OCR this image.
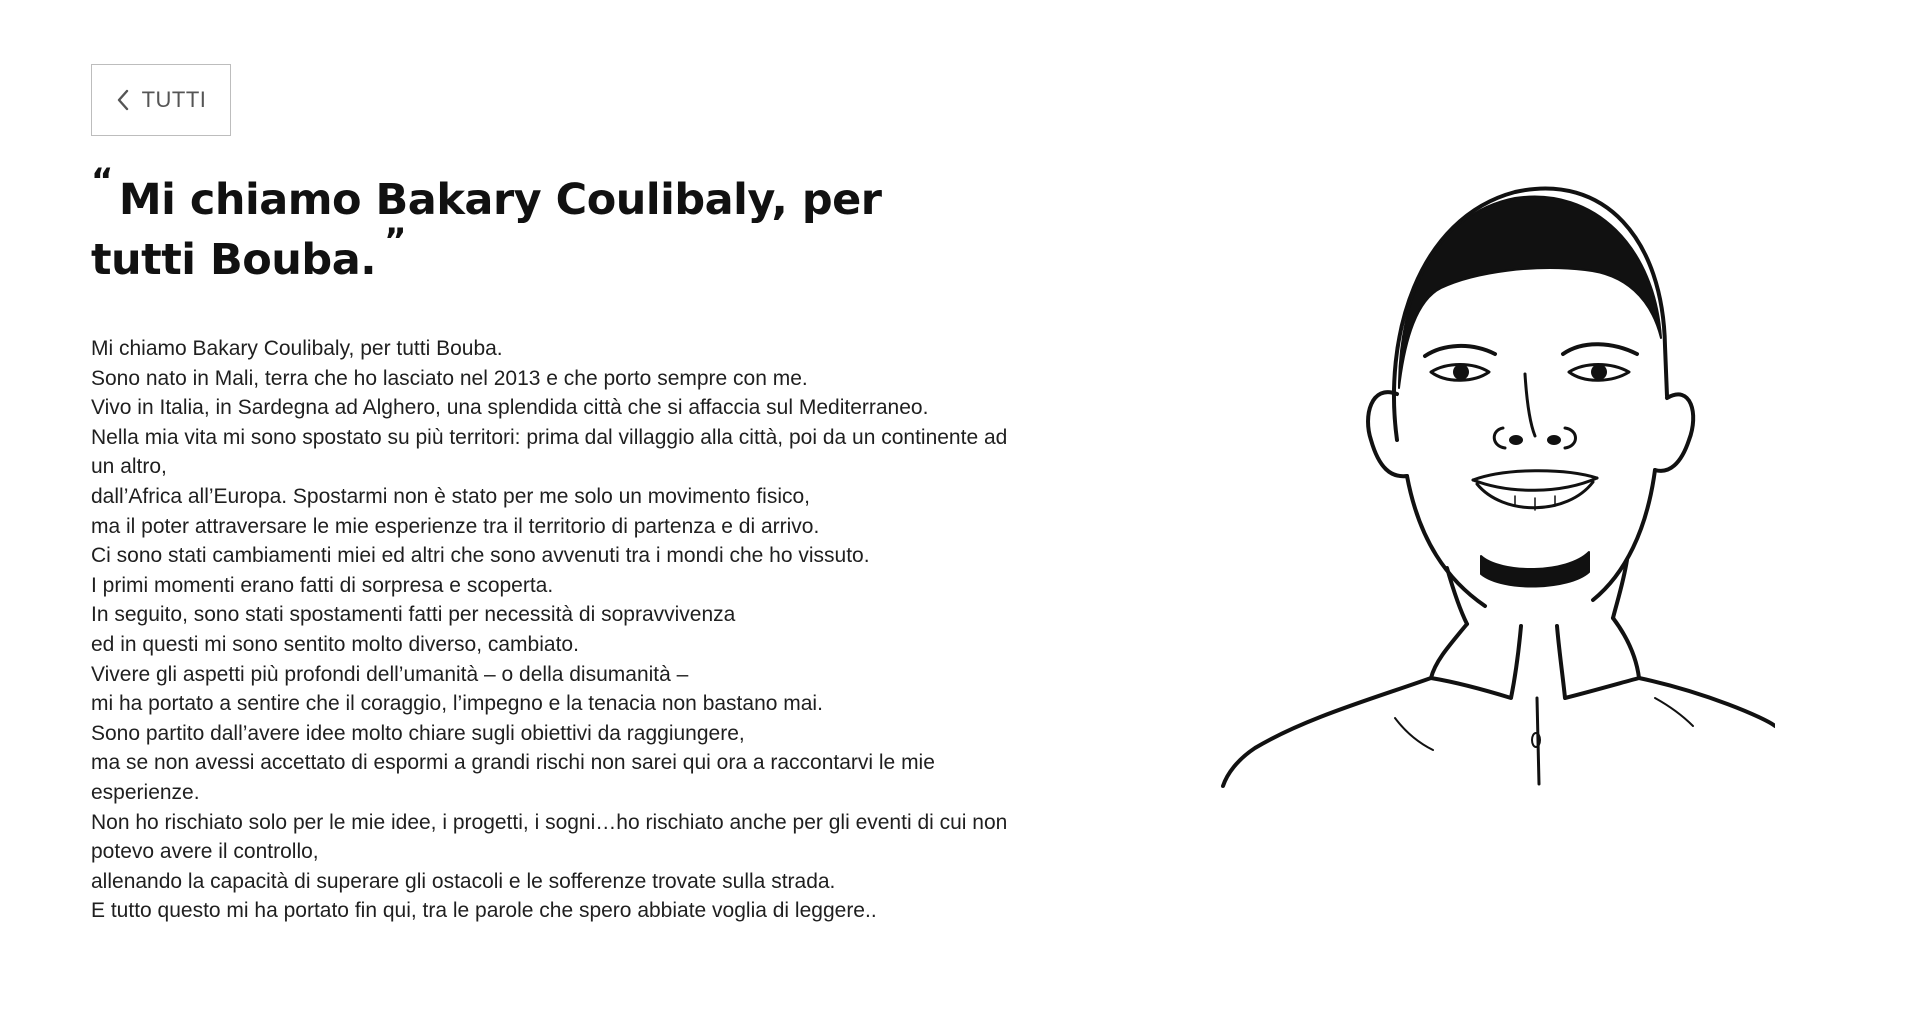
TUTTI
“ Mi chiamo Bakary Coulibaly, per tutti Bouba. ”
Mi chiamo Bakary Coulibaly, per tutti Bouba.
Sono nato in Mali, terra che ho lasciato nel 2013 e che porto sempre con me.
Vivo in Italia, in Sardegna ad Alghero, una splendida città che si affaccia sul Mediterraneo.
Nella mia vita mi sono spostato su più territori: prima dal villaggio alla città, poi da un continente ad un altro,
dall’Africa all’Europa. Spostarmi non è stato per me solo un movimento fisico,
ma il poter attraversare le mie esperienze tra il territorio di partenza e di arrivo.
Ci sono stati cambiamenti miei ed altri che sono avvenuti tra i mondi che ho vissuto.
I primi momenti erano fatti di sorpresa e scoperta.
In seguito, sono stati spostamenti fatti per necessità di sopravvivenza
ed in questi mi sono sentito molto diverso, cambiato.
Vivere gli aspetti più profondi dell’umanità – o della disumanità –
mi ha portato a sentire che il coraggio, l’impegno e la tenacia non bastano mai.
Sono partito dall’avere idee molto chiare sugli obiettivi da raggiungere,
ma se non avessi accettato di espormi a grandi rischi non sarei qui ora a raccontarvi le mie esperienze.
Non ho rischiato solo per le mie idee, i progetti, i sogni…ho rischiato anche per gli eventi di cui non potevo avere il controllo,
allenando la capacità di superare gli ostacoli e le sofferenze trovate sulla strada.
E tutto questo mi ha portato fin qui, tra le parole che spero abbiate voglia di leggere..
